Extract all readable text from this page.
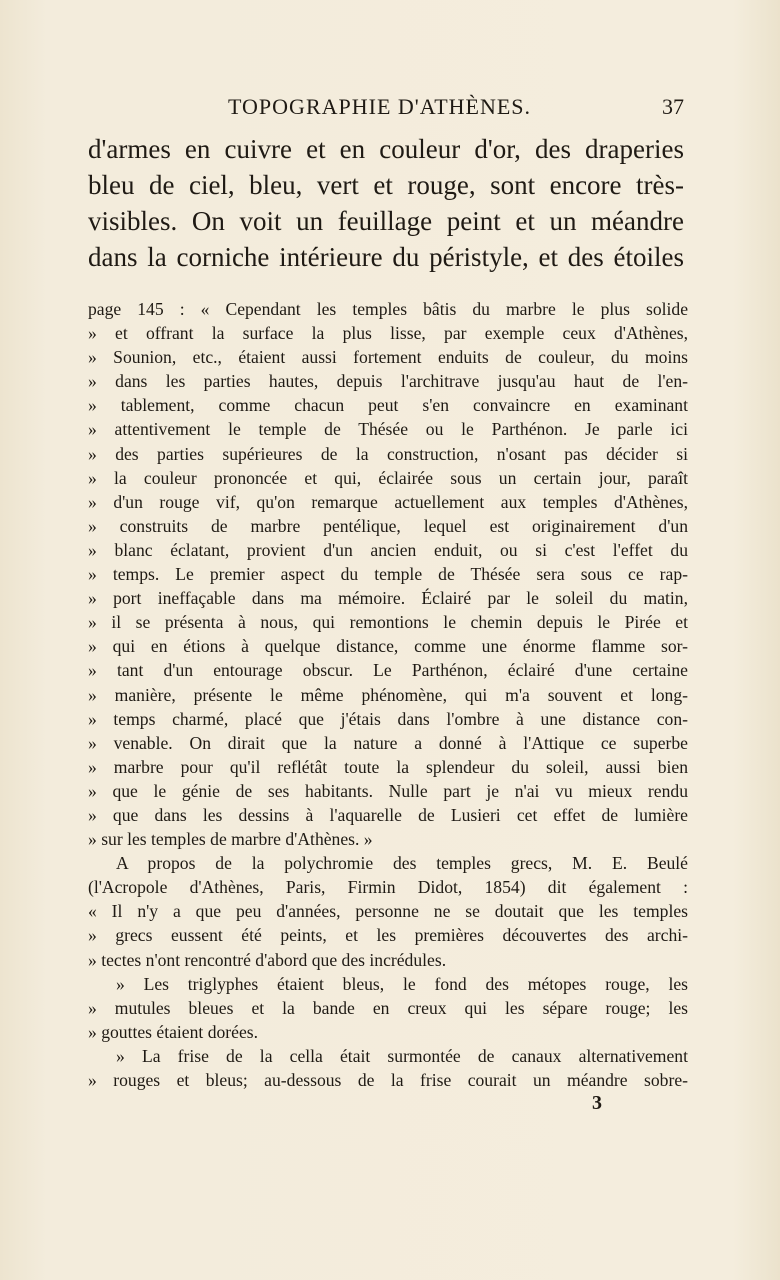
TOPOGRAPHIE D'ATHÈNES.	37
d'armes en cuivre et en couleur d'or, des draperies
bleu de ciel, bleu, vert et rouge, sont encore très-
visibles. On voit un feuillage peint et un méandre
dans la corniche intérieure du péristyle, et des étoiles
page 145 : « Cependant les temples bâtis du marbre le plus solide
» et offrant la surface la plus lisse, par exemple ceux d'Athènes,
» Sounion, etc., étaient aussi fortement enduits de couleur, du moins
» dans les parties hautes, depuis l'architrave jusqu'au haut de l'en-
» tablement, comme chacun peut s'en convaincre en examinant
» attentivement le temple de Thésée ou le Parthénon. Je parle ici
» des parties supérieures de la construction, n'osant pas décider si
» la couleur prononcée et qui, éclairée sous un certain jour, paraît
» d'un rouge vif, qu'on remarque actuellement aux temples d'Athènes,
» construits de marbre pentélique, lequel est originairement d'un
» blanc éclatant, provient d'un ancien enduit, ou si c'est l'effet du
» temps. Le premier aspect du temple de Thésée sera sous ce rap-
» port ineffaçable dans ma mémoire. Éclairé par le soleil du matin,
» il se présenta à nous, qui remontions le chemin depuis le Pirée et
» qui en étions à quelque distance, comme une énorme flamme sor-
» tant d'un entourage obscur. Le Parthénon, éclairé d'une certaine
» manière, présente le même phénomène, qui m'a souvent et long-
» temps charmé, placé que j'étais dans l'ombre à une distance con-
» venable. On dirait que la nature a donné à l'Attique ce superbe
» marbre pour qu'il reflétât toute la splendeur du soleil, aussi bien
» que le génie de ses habitants. Nulle part je n'ai vu mieux rendu
» que dans les dessins à l'aquarelle de Lusieri cet effet de lumière
» sur les temples de marbre d'Athènes. »
A propos de la polychromie des temples grecs, M. E. Beulé
(l'Acropole d'Athènes, Paris, Firmin Didot, 1854) dit également :
« Il n'y a que peu d'années, personne ne se doutait que les temples
» grecs eussent été peints, et les premières découvertes des archi-
» tectes n'ont rencontré d'abord que des incrédules.
» Les triglyphes étaient bleus, le fond des métopes rouge, les
» mutules bleues et la bande en creux qui les sépare rouge; les
» gouttes étaient dorées.
» La frise de la cella était surmontée de canaux alternativement
» rouges et bleus; au-dessous de la frise courait un méandre sobre-
3
